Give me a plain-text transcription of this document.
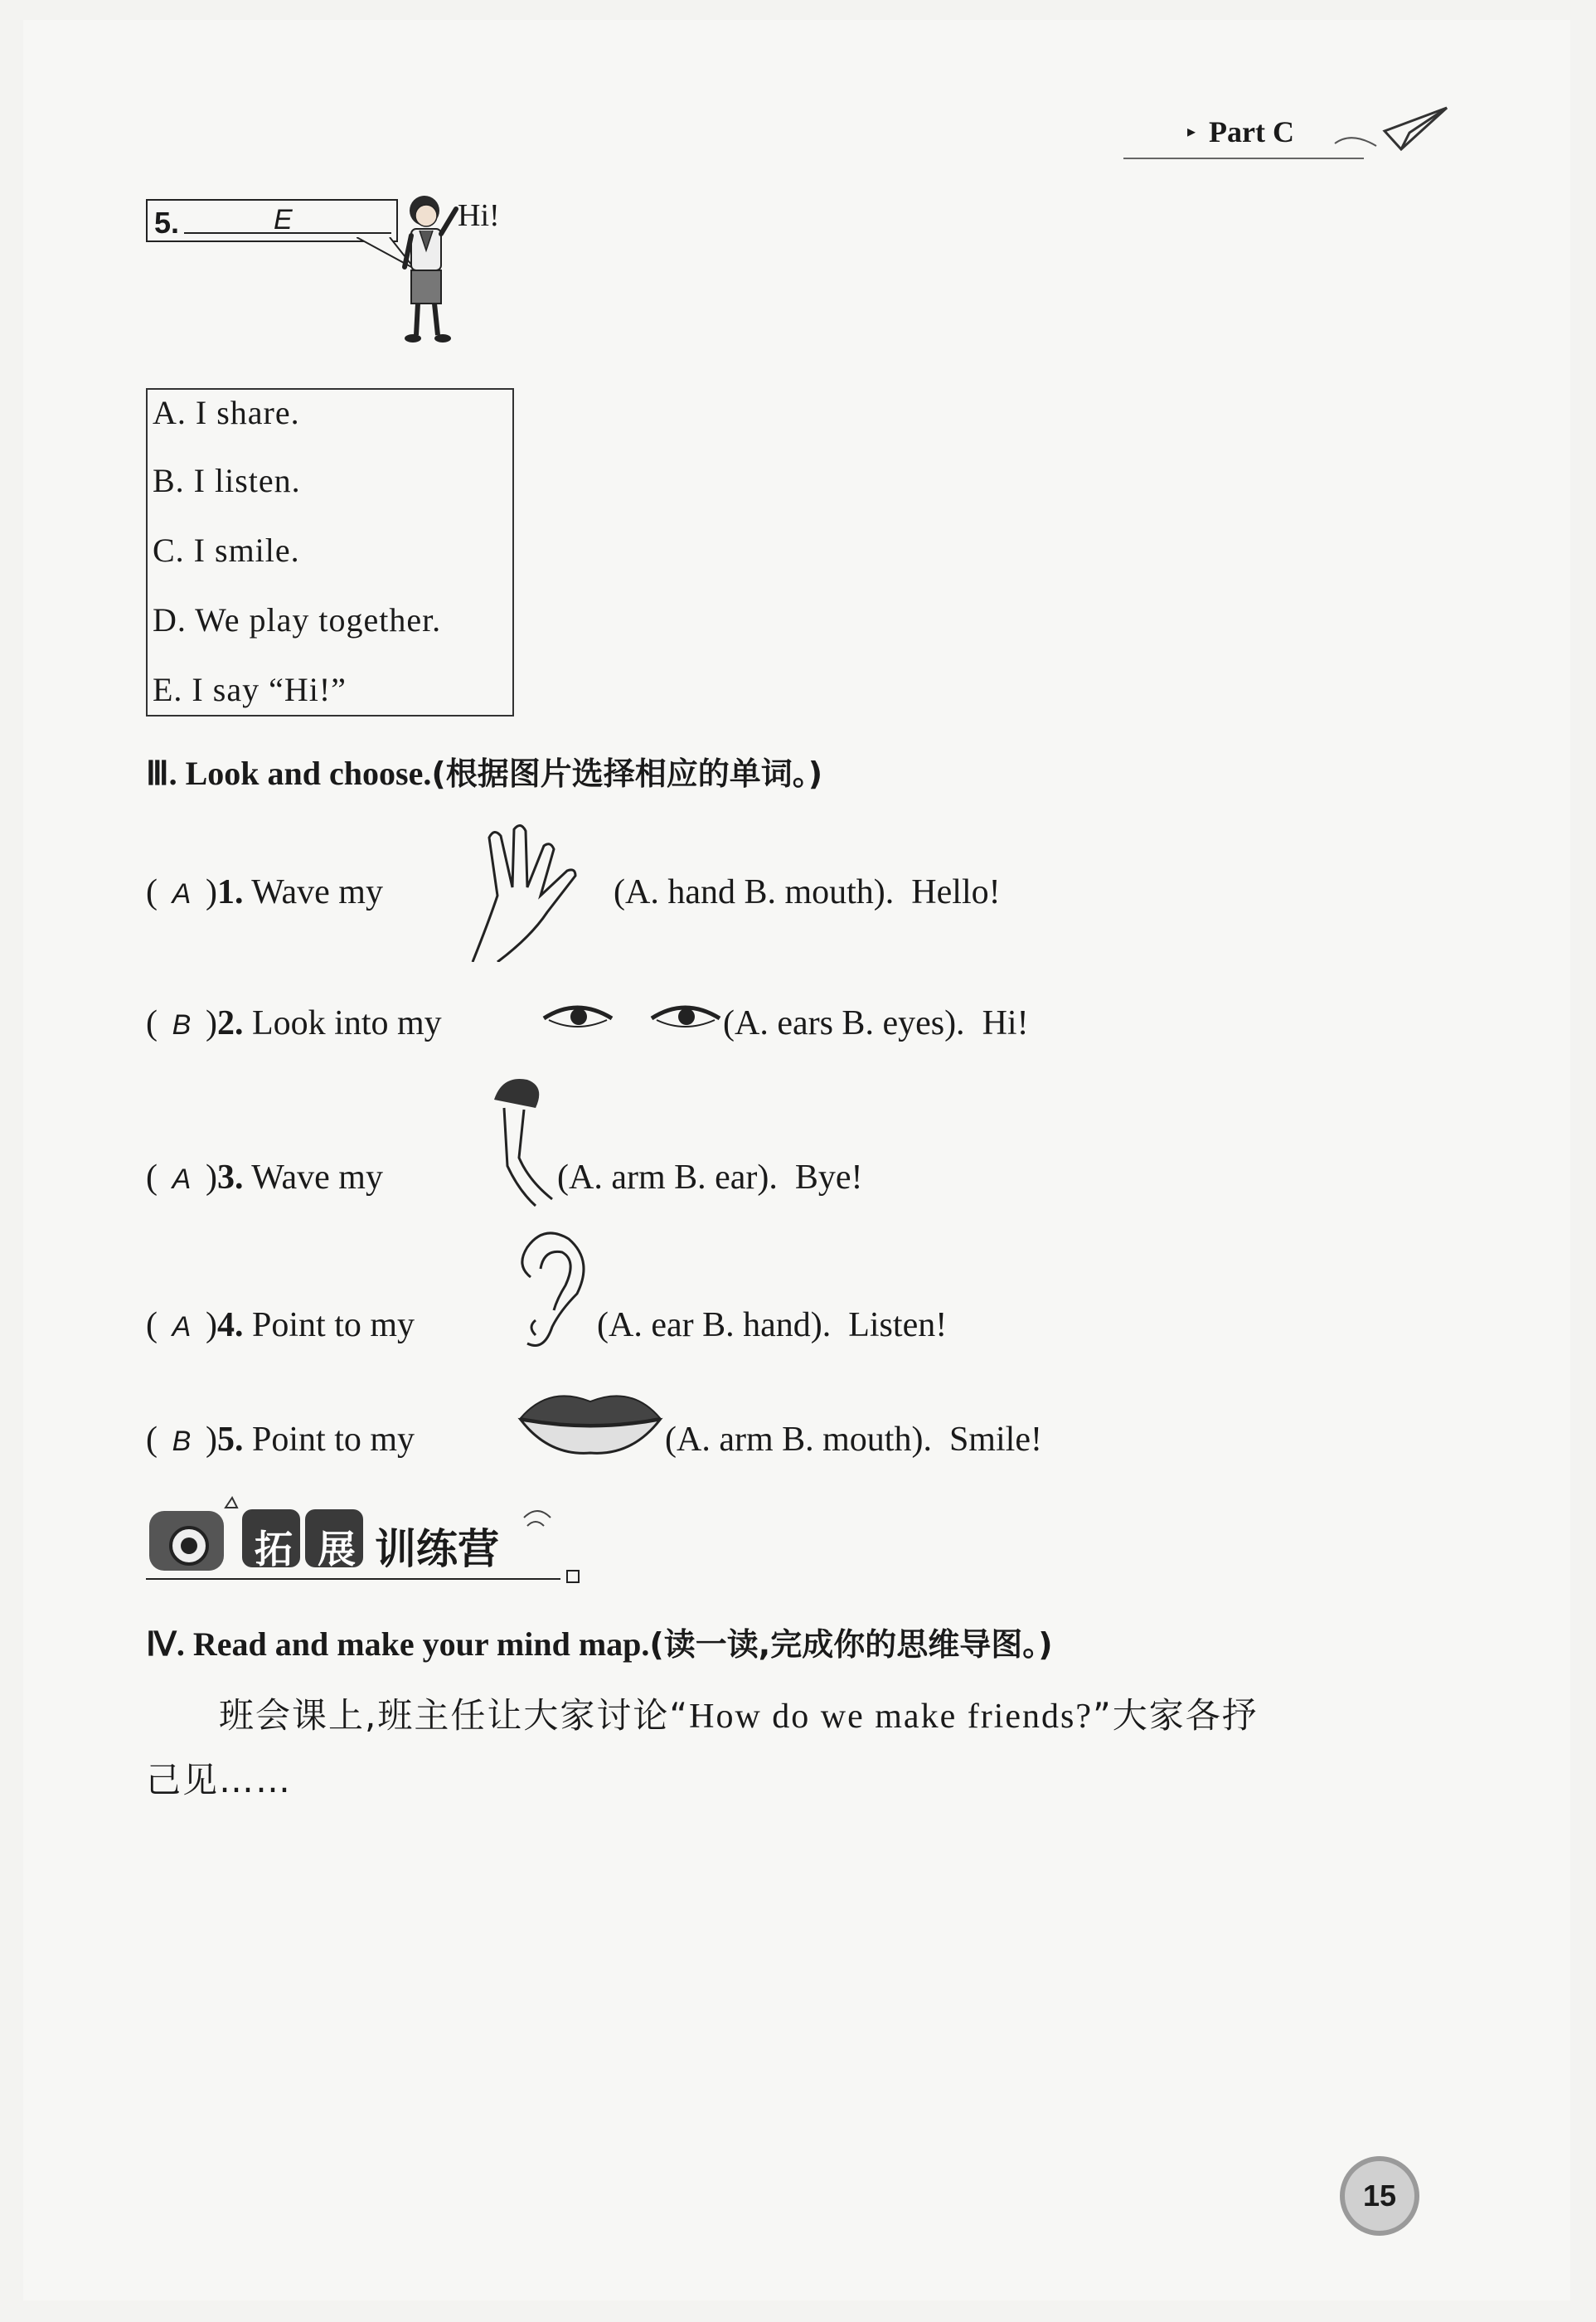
▸ Part C
5.	E	Hi!
A. I share.
B. I listen.
C. I smile.
D. We play together.
E. I say “Hi!”
Ⅲ. Look and choose.(根据图片选择相应的单词。)
( A )1. Wave my	(A. hand B. mouth). Hello!
( B )2. Look into my	(A. ears B. eyes). Hi!
( A )3. Wave my	(A. arm B. ear). Bye!
( A )4. Point to my	(A. ear B. hand). Listen!
( B )5. Point to my	(A. arm B. mouth). Smile!
拓 展 训练营
Ⅳ. Read and make your mind map.(读一读,完成你的思维导图。)
班会课上,班主任让大家讨论“How do we make friends?”大家各抒
己见……
15
